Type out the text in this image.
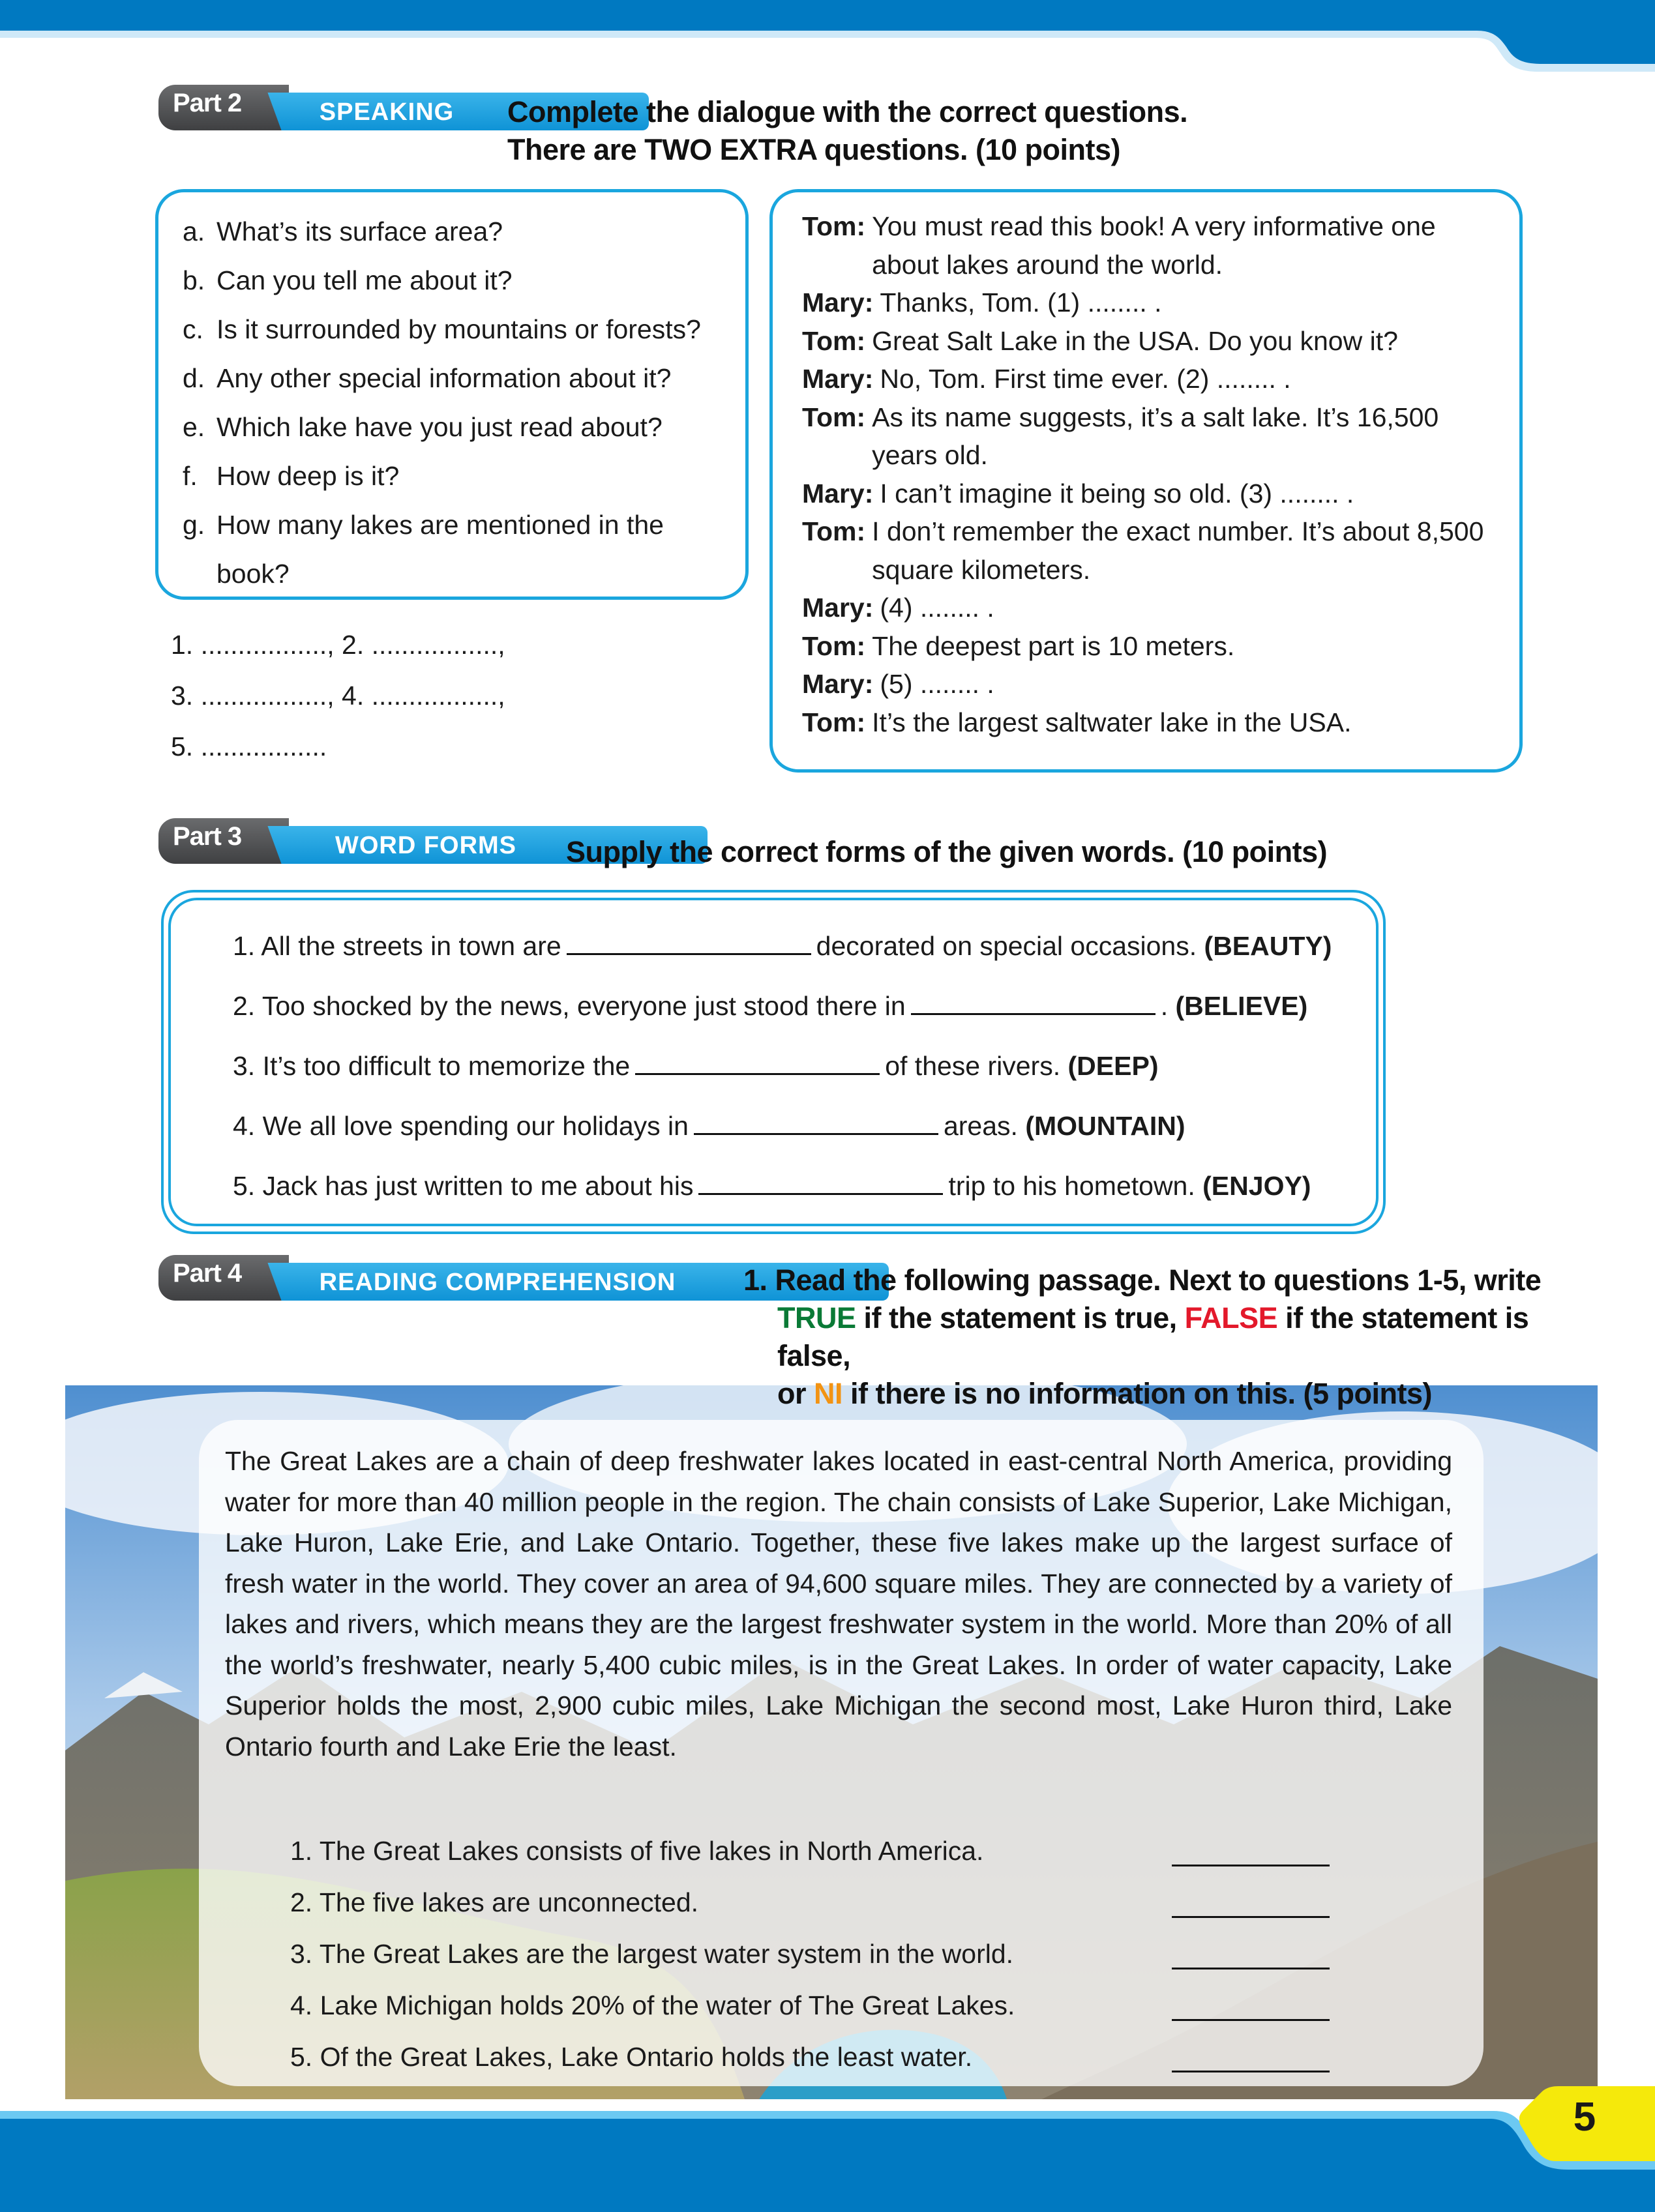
Part 2	SPEAKING	Complete the dialogue with the correct questions.
There are TWO EXTRA questions. (10 points)
a. What’s its surface area?
b. Can you tell me about it?
c. Is it surrounded by mountains or forests?
d. Any other special information about it?
e. Which lake have you just read about?
f. How deep is it?
g. How many lakes are mentioned in the book?
Tom: You must read this book! A very informative one about lakes around the world.
Mary: Thanks, Tom. (1) ........ .
Tom: Great Salt Lake in the USA. Do you know it?
Mary: No, Tom. First time ever. (2) ........ .
Tom: As its name suggests, it’s a salt lake. It’s 16,500 years old.
Mary: I can’t imagine it being so old. (3) ........ .
Tom: I don’t remember the exact number. It’s about 8,500 square kilometers.
Mary: (4) ........ .
Tom: The deepest part is 10 meters.
Mary: (5) ........ .
Tom: It’s the largest saltwater lake in the USA.
1. ................., 2. .................,
3. ................., 4. .................,
5. .................
Part 3	WORD FORMS	Supply the correct forms of the given words. (10 points)
1. All the streets in town are	decorated on special occasions. (BEAUTY)
2. Too shocked by the news, everyone just stood there in	. (BELIEVE)
3. It’s too difficult to memorize the	of these rivers. (DEEP)
4. We all love spending our holidays in	areas. (MOUNTAIN)
5. Jack has just written to me about his	trip to his hometown. (ENJOY)
Part 4	READING COMPREHENSION	1. Read the following passage. Next to questions 1-5, write
TRUE if the statement is true, FALSE if the statement is false,
or NI if there is no information on this. (5 points)
The Great Lakes are a chain of deep freshwater lakes located in east-central North America, providing water for more than 40 million people in the region. The chain consists of Lake Superior, Lake Michigan, Lake Huron, Lake Erie, and Lake Ontario. Together, these five lakes make up the largest surface of fresh water in the world. They cover an area of 94,600 square miles. They are connected by a variety of lakes and rivers, which means they are the largest freshwater system in the world. More than 20% of all the world’s freshwater, nearly 5,400 cubic miles, is in the Great Lakes. In order of water capacity, Lake Superior holds the most, 2,900 cubic miles, Lake Michigan the second most, Lake Huron third, Lake Ontario fourth and Lake Erie the least.
1. The Great Lakes consists of five lakes in North America.
2. The five lakes are unconnected.
3. The Great Lakes are the largest water system in the world.
4. Lake Michigan holds 20% of the water of The Great Lakes.
5. Of the Great Lakes, Lake Ontario holds the least water.
5
